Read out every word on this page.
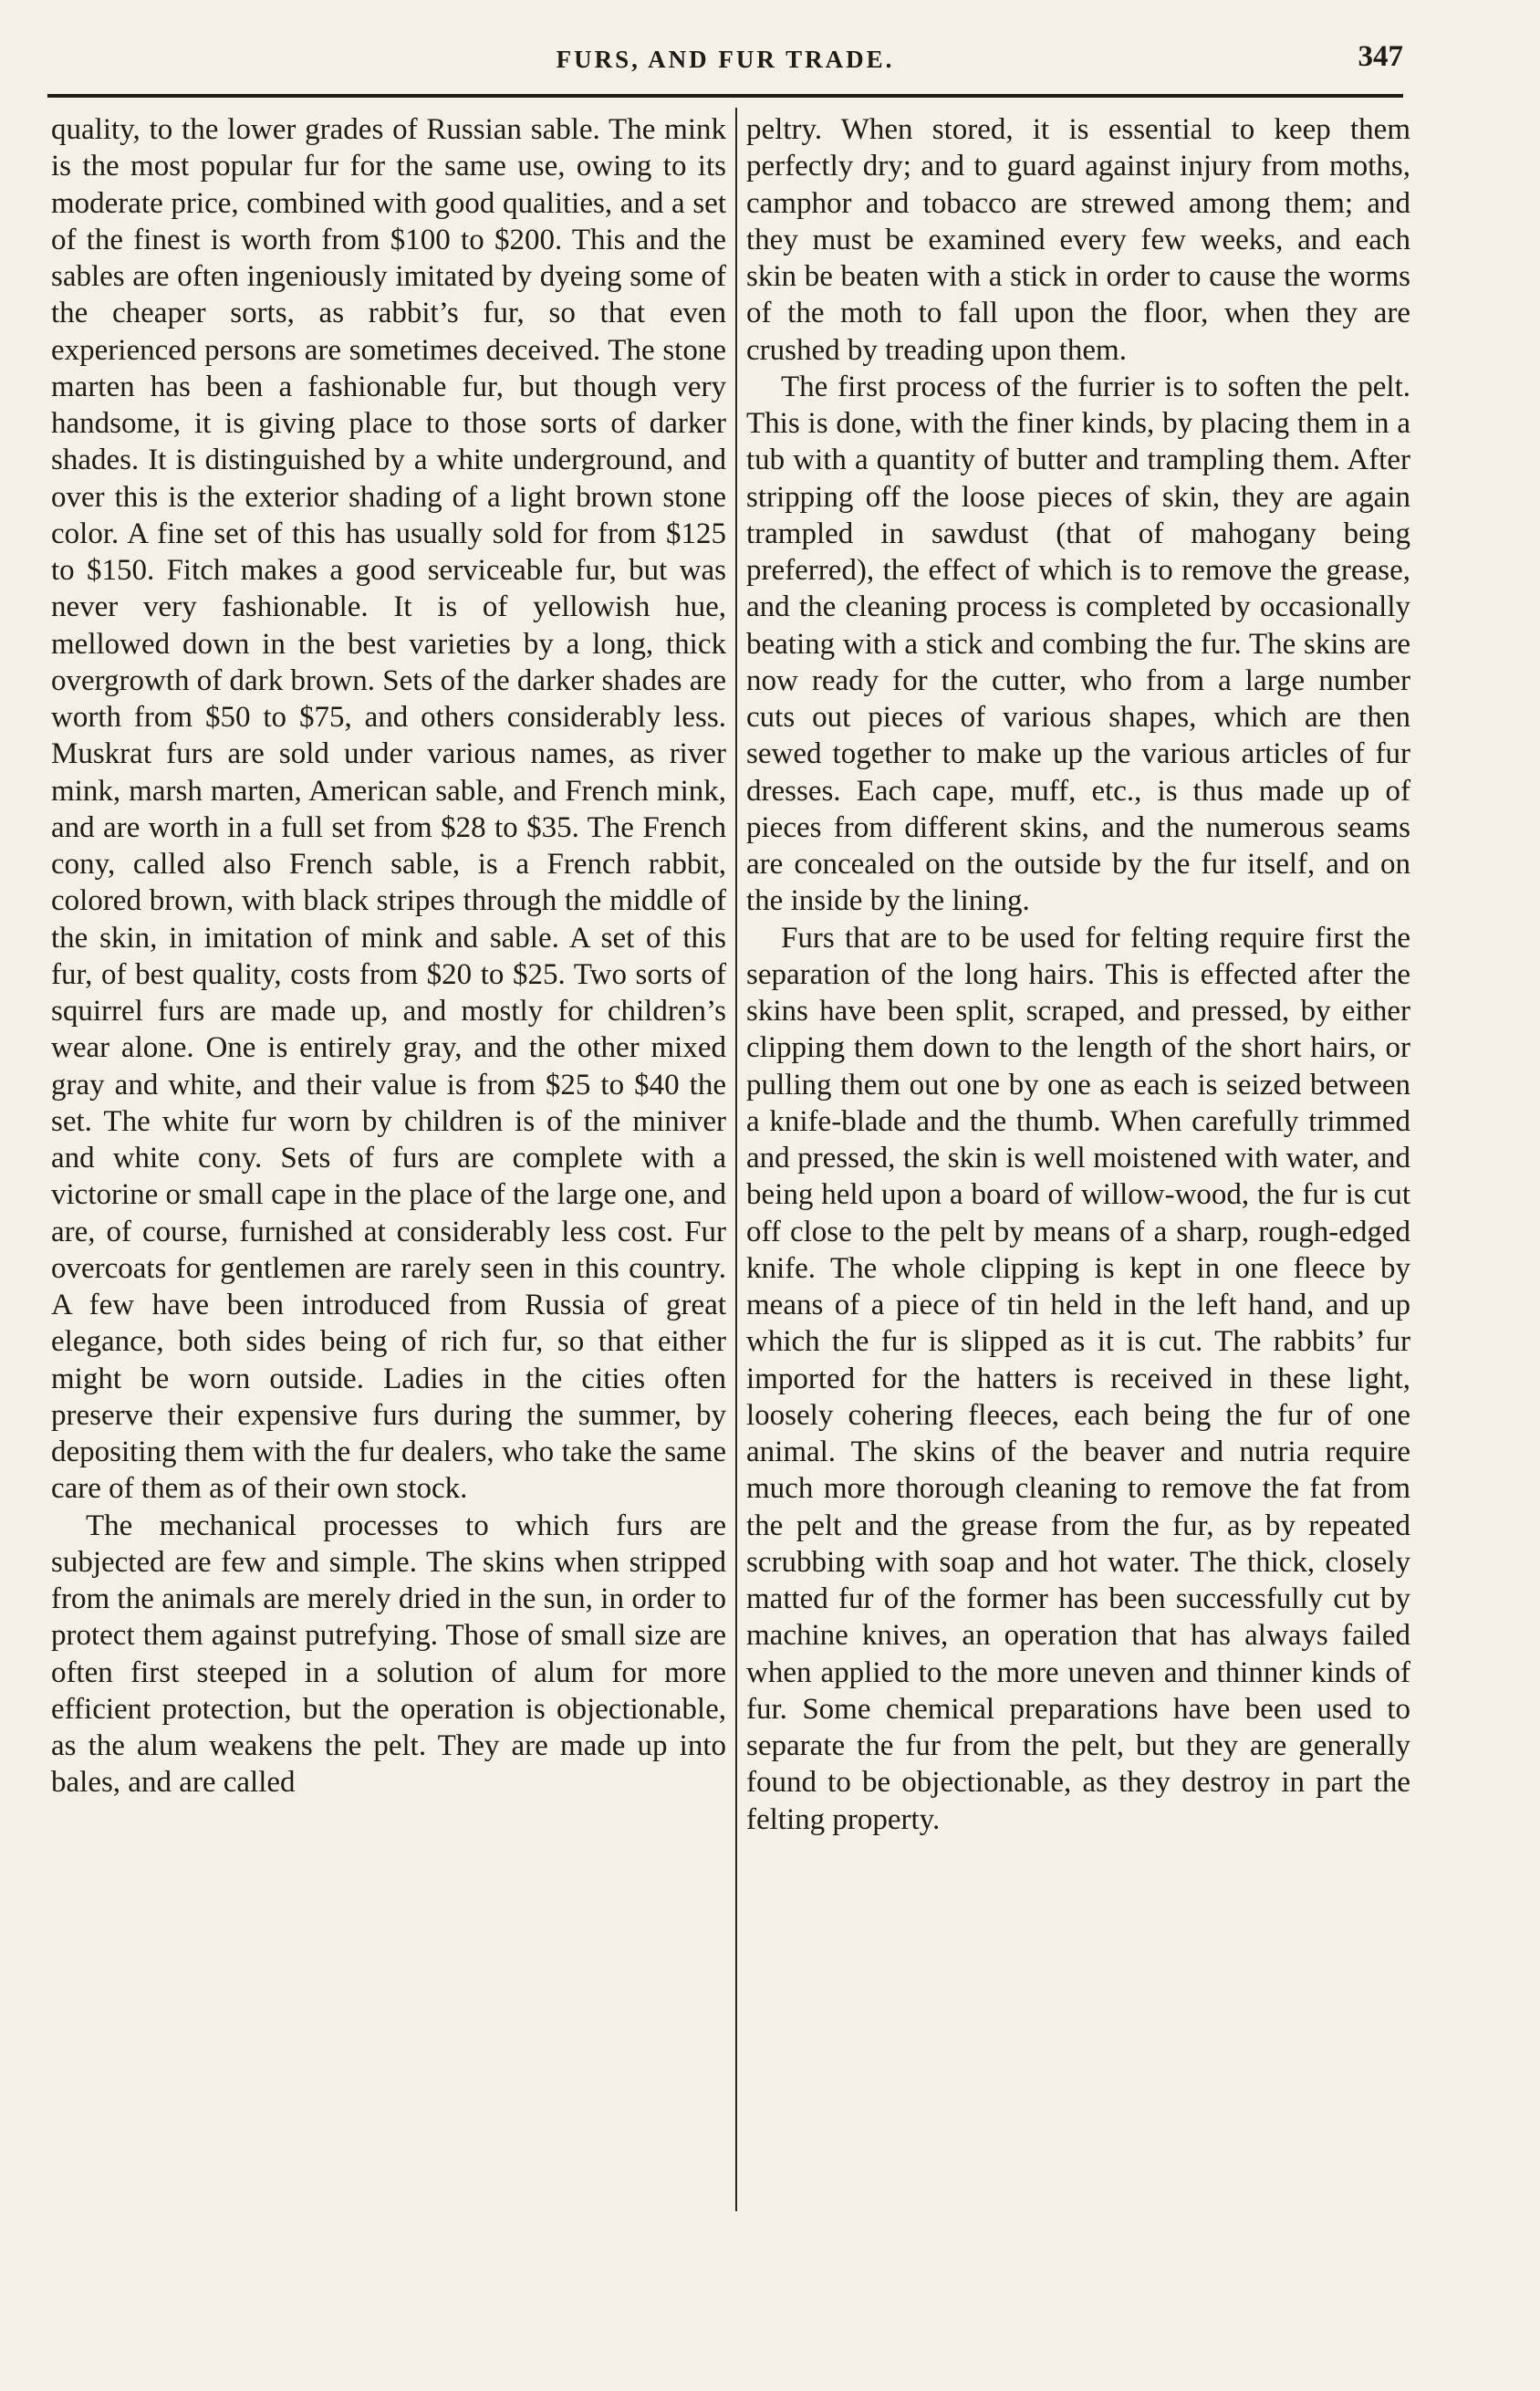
FURS, AND FUR TRADE.	347

quality, to the lower grades of Russian sable. The mink is the most popular fur for the same use, owing to its moderate price, combined with good qualities, and a set of the finest is worth from $100 to $200. This and the sables are often ingeniously imitated by dyeing some of the cheaper sorts, as rabbit’s fur, so that even experienced persons are sometimes deceived. The stone marten has been a fashionable fur, but though very handsome, it is giving place to those sorts of darker shades. It is distinguished by a white underground, and over this is the exterior shading of a light brown stone color. A fine set of this has usually sold for from $125 to $150. Fitch makes a good serviceable fur, but was never very fashionable. It is of yellowish hue, mellowed down in the best varieties by a long, thick overgrowth of dark brown. Sets of the darker shades are worth from $50 to $75, and others considerably less. Muskrat furs are sold under various names, as river mink, marsh marten, American sable, and French mink, and are worth in a full set from $28 to $35. The French cony, called also French sable, is a French rabbit, colored brown, with black stripes through the middle of the skin, in imitation of mink and sable. A set of this fur, of best quality, costs from $20 to $25. Two sorts of squirrel furs are made up, and mostly for children’s wear alone. One is entirely gray, and the other mixed gray and white, and their value is from $25 to $40 the set. The white fur worn by children is of the miniver and white cony. Sets of furs are complete with a victorine or small cape in the place of the large one, and are, of course, furnished at considerably less cost. Fur overcoats for gentlemen are rarely seen in this country. A few have been introduced from Russia of great elegance, both sides being of rich fur, so that either might be worn outside. Ladies in the cities often preserve their expensive furs during the summer, by depositing them with the fur dealers, who take the same care of them as of their own stock.

The mechanical processes to which furs are subjected are few and simple. The skins when stripped from the animals are merely dried in the sun, in order to protect them against putrefying. Those of small size are often first steeped in a solution of alum for more efficient protection, but the operation is objectionable, as the alum weakens the pelt. They are made up into bales, and are called

peltry. When stored, it is essential to keep them perfectly dry; and to guard against injury from moths, camphor and tobacco are strewed among them; and they must be examined every few weeks, and each skin be beaten with a stick in order to cause the worms of the moth to fall upon the floor, when they are crushed by treading upon them.

The first process of the furrier is to soften the pelt. This is done, with the finer kinds, by placing them in a tub with a quantity of butter and trampling them. After stripping off the loose pieces of skin, they are again trampled in sawdust (that of mahogany being preferred), the effect of which is to remove the grease, and the cleaning process is completed by occasionally beating with a stick and combing the fur. The skins are now ready for the cutter, who from a large number cuts out pieces of various shapes, which are then sewed together to make up the various articles of fur dresses. Each cape, muff, etc., is thus made up of pieces from different skins, and the numerous seams are concealed on the outside by the fur itself, and on the inside by the lining.

Furs that are to be used for felting require first the separation of the long hairs. This is effected after the skins have been split, scraped, and pressed, by either clipping them down to the length of the short hairs, or pulling them out one by one as each is seized between a knife-blade and the thumb. When carefully trimmed and pressed, the skin is well moistened with water, and being held upon a board of willow-wood, the fur is cut off close to the pelt by means of a sharp, rough-edged knife. The whole clipping is kept in one fleece by means of a piece of tin held in the left hand, and up which the fur is slipped as it is cut. The rabbits’ fur imported for the hatters is received in these light, loosely cohering fleeces, each being the fur of one animal. The skins of the beaver and nutria require much more thorough cleaning to remove the fat from the pelt and the grease from the fur, as by repeated scrubbing with soap and hot water. The thick, closely matted fur of the former has been successfully cut by machine knives, an operation that has always failed when applied to the more uneven and thinner kinds of fur. Some chemical preparations have been used to separate the fur from the pelt, but they are generally found to be objectionable, as they destroy in part the felting property.
